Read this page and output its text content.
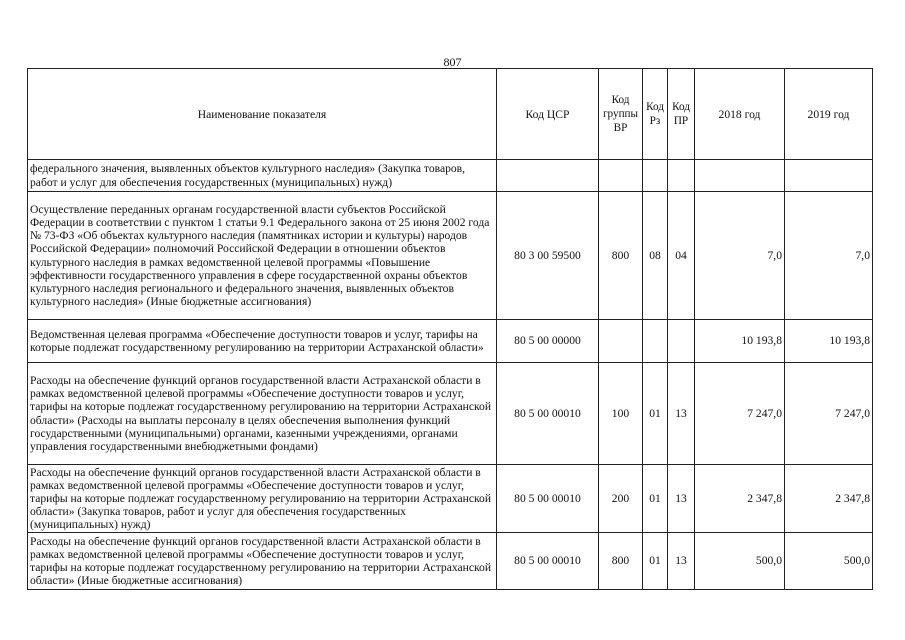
807
Наименование показателя	Код ЦСР	Код группы ВР	Код Рз	Код ПР	2018 год	2019 год
федерального значения, выявленных объектов культурного наследия» (Закупка товаров, работ и услуг для обеспечения государственных (муниципальных) нужд)						
Осуществление переданных органам государственной власти субъектов Российской Федерации в соответствии с пунктом 1 статьи 9.1 Федерального закона от 25 июня 2002 года № 73-ФЗ «Об объектах культурного наследия (памятниках истории и культуры) народов Российской Федерации» полномочий Российской Федерации в отношении объектов культурного наследия в рамках ведомственной целевой программы «Повышение эффективности государственного управления в сфере государственной охраны объектов культурного наследия регионального и федерального значения, выявленных объектов культурного наследия» (Иные бюджетные ассигнования)	80 3 00 59500	800	08	04	7,0	7,0
Ведомственная целевая программа «Обеспечение доступности товаров и услуг, тарифы на которые подлежат государственному регулированию на территории Астраханской области»	80 5 00 00000				10 193,8	10 193,8
Расходы на обеспечение функций органов государственной власти Астраханской области в рамках ведомственной целевой программы «Обеспечение доступности товаров и услуг, тарифы на которые подлежат государственному регулированию на территории Астраханской области» (Расходы на выплаты персоналу в целях обеспечения выполнения функций государственными (муниципальными) органами, казенными учреждениями, органами управления государственными внебюджетными фондами)	80 5 00 00010	100	01	13	7 247,0	7 247,0
Расходы на обеспечение функций органов государственной власти Астраханской области в рамках ведомственной целевой программы «Обеспечение доступности товаров и услуг, тарифы на которые подлежат государственному регулированию на территории Астраханской области» (Закупка товаров, работ и услуг для обеспечения государственных (муниципальных) нужд)	80 5 00 00010	200	01	13	2 347,8	2 347,8
Расходы на обеспечение функций органов государственной власти Астраханской области в рамках ведомственной целевой программы «Обеспечение доступности товаров и услуг, тарифы на которые подлежат государственному регулированию на территории Астраханской области» (Иные бюджетные ассигнования)	80 5 00 00010	800	01	13	500,0	500,0
